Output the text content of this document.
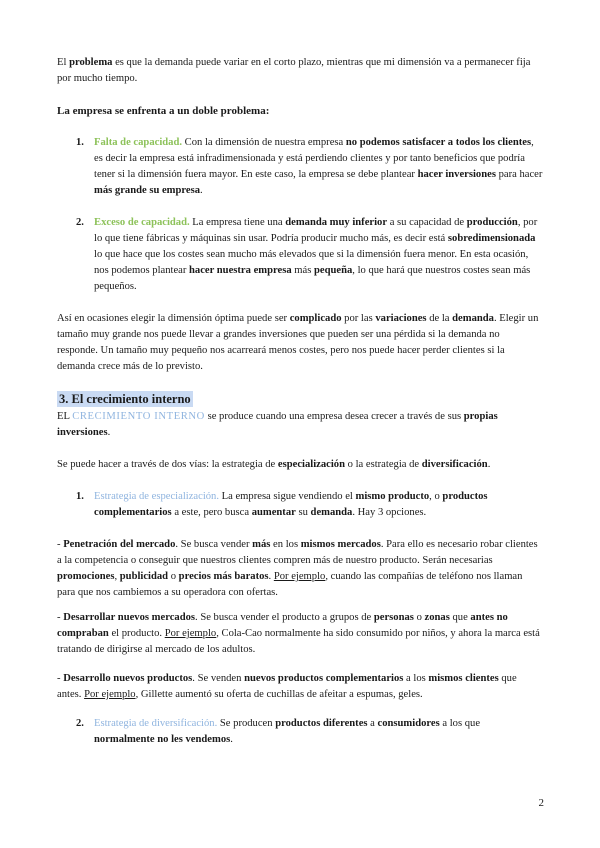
El problema es que la demanda puede variar en el corto plazo, mientras que mi dimensión va a permanecer fija por mucho tiempo.

La empresa se enfrenta a un doble problema:

1. Falta de capacidad. Con la dimensión de nuestra empresa no podemos satisfacer a todos los clientes, es decir la empresa está infradimensionada y está perdiendo clientes y por tanto beneficios que podría tener si la dimensión fuera mayor. En este caso, la empresa se debe plantear hacer inversiones para hacer más grande su empresa.
2. Exceso de capacidad. La empresa tiene una demanda muy inferior a su capacidad de producción, por lo que tiene fábricas y máquinas sin usar. Podría producir mucho más, es decir está sobredimensionada lo que hace que los costes sean mucho más elevados que si la dimensión fuera menor. En esta ocasión, nos podemos plantear hacer nuestra empresa más pequeña, lo que hará que nuestros costes sean más pequeños.

Así en ocasiones elegir la dimensión óptima puede ser complicado por las variaciones de la demanda. Elegir un tamaño muy grande nos puede llevar a grandes inversiones que pueden ser una pérdida si la demanda no responde. Un tamaño muy pequeño nos acarreará menos costes, pero nos puede hacer perder clientes si la demanda crece más de lo previsto.

3. El crecimiento interno

EL CRECIMIENTO INTERNO se produce cuando una empresa desea crecer a través de sus propias inversiones.

Se puede hacer a través de dos vías: la estrategia de especialización o la estrategia de diversificación.

1. Estrategia de especialización. La empresa sigue vendiendo el mismo producto, o productos complementarios a este, pero busca aumentar su demanda. Hay 3 opciones.

- Penetración del mercado. Se busca vender más en los mismos mercados. Para ello es necesario robar clientes a la competencia o conseguir que nuestros clientes compren más de nuestro producto. Serán necesarias promociones, publicidad o precios más baratos. Por ejemplo, cuando las compañías de teléfono nos llaman para que nos cambiemos a su operadora con ofertas.

- Desarrollar nuevos mercados. Se busca vender el producto a grupos de personas o zonas que antes no compraban el producto. Por ejemplo, Cola-Cao normalmente ha sido consumido por niños, y ahora la marca está tratando de dirigirse al mercado de los adultos.

- Desarrollo nuevos productos. Se venden nuevos productos complementarios a los mismos clientes que antes. Por ejemplo, Gillette aumentó su oferta de cuchillas de afeitar a espumas, geles.

2. Estrategia de diversificación. Se producen productos diferentes a consumidores a los que normalmente no les vendemos.
2
